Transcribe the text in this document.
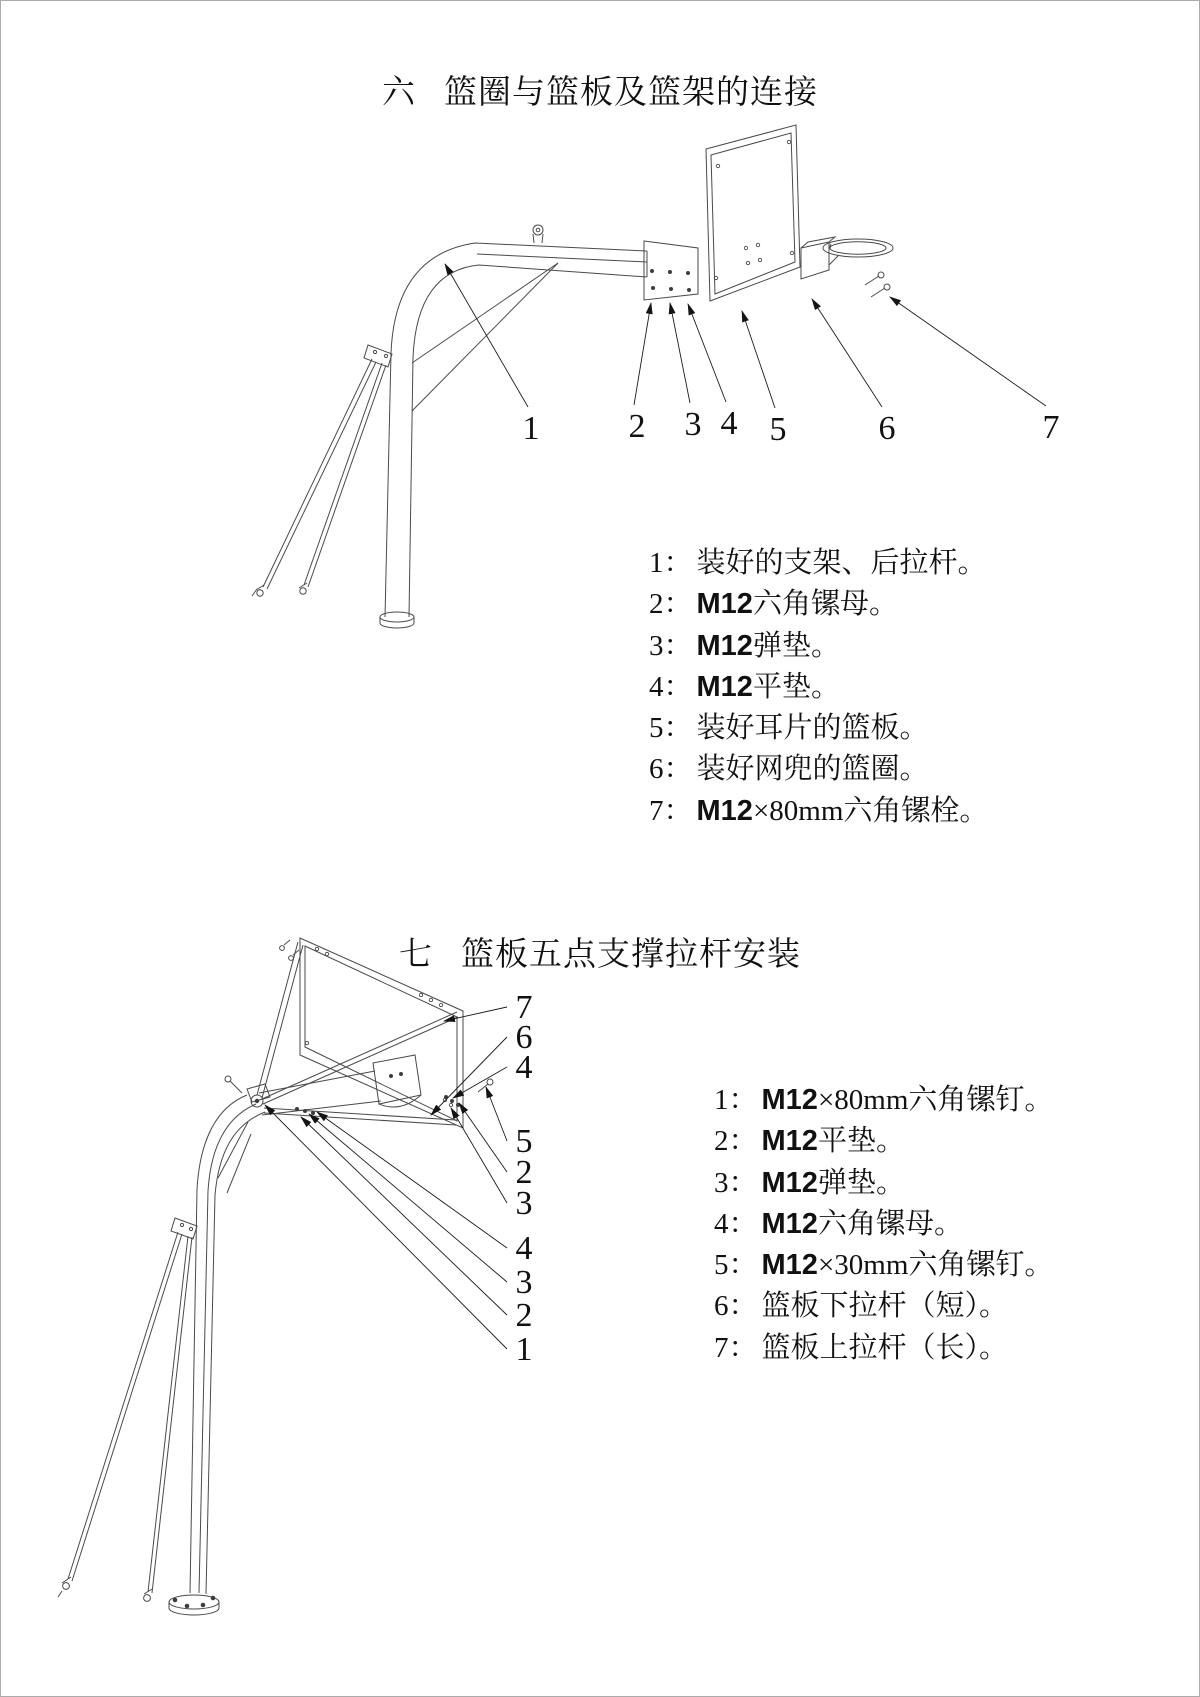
六 篮圈与篮板及篮架的连接
七 篮板五点支撑拉杆安装
1： 装好的支架、后拉杆。
2： M12六角镙母。
3： M12弹垫。
4： M12平垫。
5： 装好耳片的篮板。
6： 装好网兜的篮圈。
7： M12×80mm六角镙栓。
1： M12×80mm六角镙钉。
2： M12平垫。
3： M12弹垫。
4： M12六角镙母。
5： M12×30mm六角镙钉。
6： 篮板下拉杆（短）。
7： 篮板上拉杆（长）。
1	2 3 4 5	6	7
7
6
4
5
2
3
4
3
2
1
